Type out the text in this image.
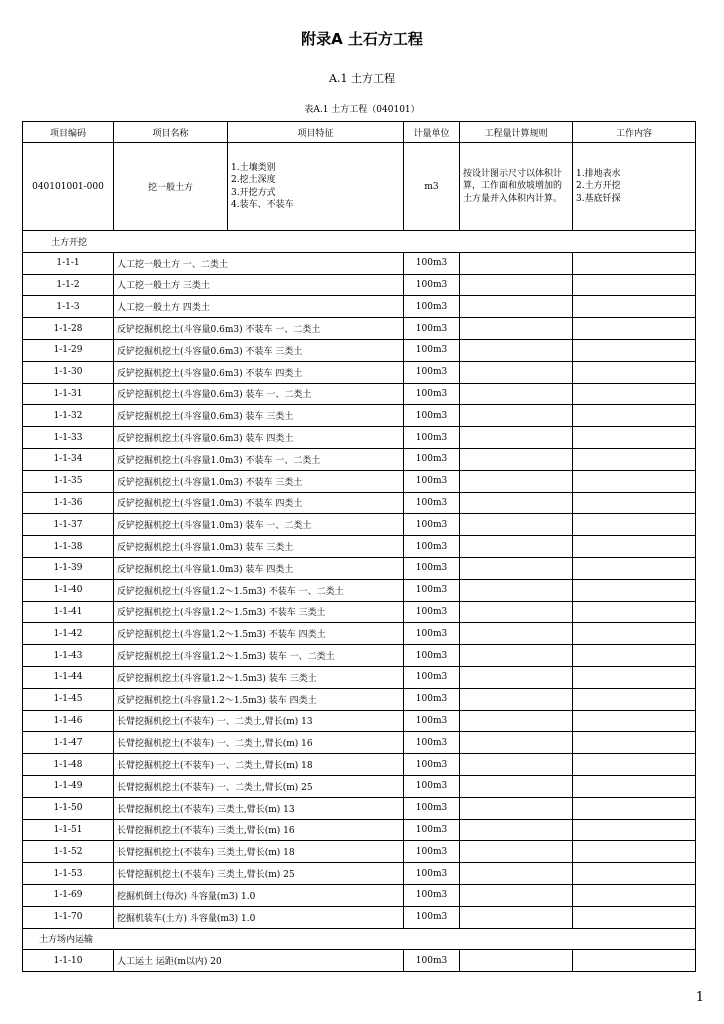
附录A 土石方工程
A.1 土方工程
表A.1 土方工程（040101）
项目编码	项目名称	项目特征	计量单位	工程量计算规则	工作内容
040101001-000	挖一般土方	1.土壤类别
2.挖土深度
3.开挖方式
4.装车、不装车	m3	按设计图示尺寸以体积计算，工作面和放坡增加的土方量并入体积内计算。	1.排地表水
2.土方开挖
3.基底钎探

土方开挖					
1-1-1	人工挖一般土方 一、二类土		100m3		
1-1-2	人工挖一般土方 三类土		100m3		
1-1-3	人工挖一般土方 四类土		100m3		
1-1-28	反铲挖掘机挖土(斗容量0.6m3) 不装车 一、二类土		100m3		
1-1-29	反铲挖掘机挖土(斗容量0.6m3) 不装车 三类土		100m3		
1-1-30	反铲挖掘机挖土(斗容量0.6m3) 不装车 四类土		100m3		
1-1-31	反铲挖掘机挖土(斗容量0.6m3) 装车 一、二类土		100m3		
1-1-32	反铲挖掘机挖土(斗容量0.6m3) 装车 三类土		100m3		
1-1-33	反铲挖掘机挖土(斗容量0.6m3) 装车 四类土		100m3		
1-1-34	反铲挖掘机挖土(斗容量1.0m3) 不装车 一、二类土		100m3		
1-1-35	反铲挖掘机挖土(斗容量1.0m3) 不装车 三类土		100m3		
1-1-36	反铲挖掘机挖土(斗容量1.0m3) 不装车 四类土		100m3		
1-1-37	反铲挖掘机挖土(斗容量1.0m3) 装车 一、二类土		100m3		
1-1-38	反铲挖掘机挖土(斗容量1.0m3) 装车 三类土		100m3		
1-1-39	反铲挖掘机挖土(斗容量1.0m3) 装车 四类土		100m3		
1-1-40	反铲挖掘机挖土(斗容量1.2～1.5m3) 不装车 一、二类土		100m3		
1-1-41	反铲挖掘机挖土(斗容量1.2～1.5m3) 不装车 三类土		100m3		
1-1-42	反铲挖掘机挖土(斗容量1.2～1.5m3) 不装车 四类土		100m3		
1-1-43	反铲挖掘机挖土(斗容量1.2～1.5m3) 装车 一、二类土		100m3		
1-1-44	反铲挖掘机挖土(斗容量1.2～1.5m3) 装车 三类土		100m3		
1-1-45	反铲挖掘机挖土(斗容量1.2～1.5m3) 装车 四类土		100m3		
1-1-46	长臂挖掘机挖土(不装车) 一、二类土,臂长(m) 13		100m3		
1-1-47	长臂挖掘机挖土(不装车) 一、二类土,臂长(m) 16		100m3		
1-1-48	长臂挖掘机挖土(不装车) 一、二类土,臂长(m) 18		100m3		
1-1-49	长臂挖掘机挖土(不装车) 一、二类土,臂长(m) 25		100m3		
1-1-50	长臂挖掘机挖土(不装车) 三类土,臂长(m) 13		100m3		
1-1-51	长臂挖掘机挖土(不装车) 三类土,臂长(m) 16		100m3		
1-1-52	长臂挖掘机挖土(不装车) 三类土,臂长(m) 18		100m3		
1-1-53	长臂挖掘机挖土(不装车) 三类土,臂长(m) 25		100m3		
1-1-69	挖掘机倒土(每次) 斗容量(m3) 1.0		100m3		
1-1-70	挖掘机装车(土方) 斗容量(m3) 1.0		100m3		
土方场内运输					
1-1-10	人工运土 运距(m以内) 20		100m3		
1
